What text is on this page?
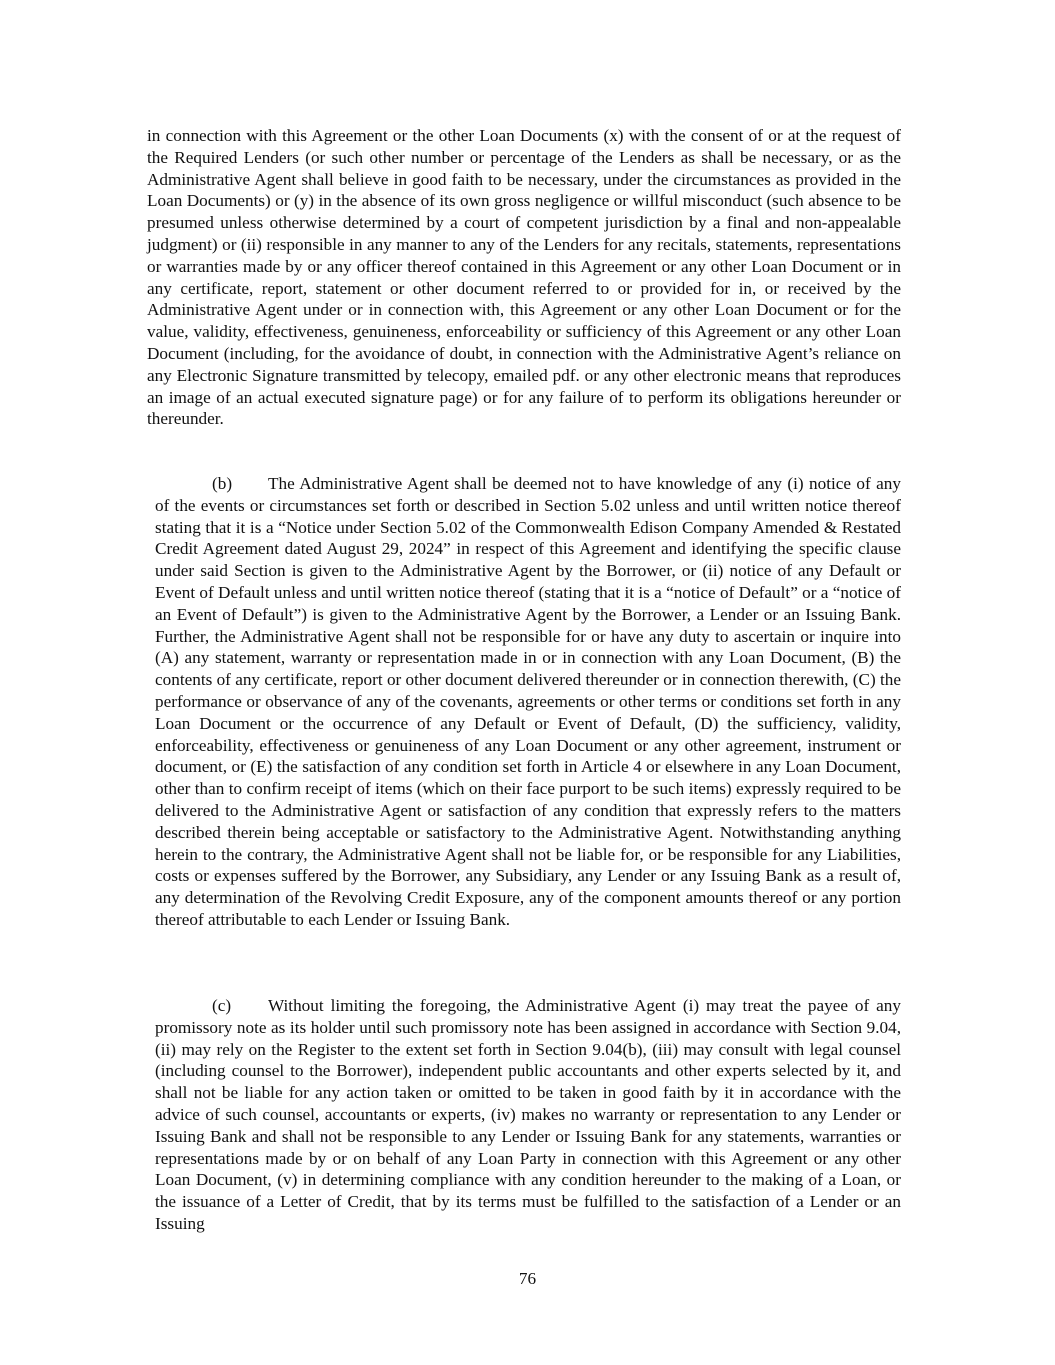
in connection with this Agreement or the other Loan Documents (x) with the consent of or at the request of the Required Lenders (or such other number or percentage of the Lenders as shall be necessary, or as the Administrative Agent shall believe in good faith to be necessary, under the circumstances as provided in the Loan Documents) or (y) in the absence of its own gross negligence or willful misconduct (such absence to be presumed unless otherwise determined by a court of competent jurisdiction by a final and non-appealable judgment) or (ii) responsible in any manner to any of the Lenders for any recitals, statements, representations or warranties made by or any officer thereof contained in this Agreement or any other Loan Document or in any certificate, report, statement or other document referred to or provided for in, or received by the Administrative Agent under or in connection with, this Agreement or any other Loan Document or for the value, validity, effectiveness, genuineness, enforceability or sufficiency of this Agreement or any other Loan Document (including, for the avoidance of doubt, in connection with the Administrative Agent’s reliance on any Electronic Signature transmitted by telecopy, emailed pdf. or any other electronic means that reproduces an image of an actual executed signature page) or for any failure of to perform its obligations hereunder or thereunder.

(b) The Administrative Agent shall be deemed not to have knowledge of any (i) notice of any of the events or circumstances set forth or described in Section 5.02 unless and until written notice thereof stating that it is a “Notice under Section 5.02 of the Commonwealth Edison Company Amended & Restated Credit Agreement dated August 29, 2024” in respect of this Agreement and identifying the specific clause under said Section is given to the Administrative Agent by the Borrower, or (ii) notice of any Default or Event of Default unless and until written notice thereof (stating that it is a “notice of Default” or a “notice of an Event of Default”) is given to the Administrative Agent by the Borrower, a Lender or an Issuing Bank. Further, the Administrative Agent shall not be responsible for or have any duty to ascertain or inquire into (A) any statement, warranty or representation made in or in connection with any Loan Document, (B) the contents of any certificate, report or other document delivered thereunder or in connection therewith, (C) the performance or observance of any of the covenants, agreements or other terms or conditions set forth in any Loan Document or the occurrence of any Default or Event of Default, (D) the sufficiency, validity, enforceability, effectiveness or genuineness of any Loan Document or any other agreement, instrument or document, or (E) the satisfaction of any condition set forth in Article 4 or elsewhere in any Loan Document, other than to confirm receipt of items (which on their face purport to be such items) expressly required to be delivered to the Administrative Agent or satisfaction of any condition that expressly refers to the matters described therein being acceptable or satisfactory to the Administrative Agent. Notwithstanding anything herein to the contrary, the Administrative Agent shall not be liable for, or be responsible for any Liabilities, costs or expenses suffered by the Borrower, any Subsidiary, any Lender or any Issuing Bank as a result of, any determination of the Revolving Credit Exposure, any of the component amounts thereof or any portion thereof attributable to each Lender or Issuing Bank.

(c) Without limiting the foregoing, the Administrative Agent (i) may treat the payee of any promissory note as its holder until such promissory note has been assigned in accordance with Section 9.04, (ii) may rely on the Register to the extent set forth in Section 9.04(b), (iii) may consult with legal counsel (including counsel to the Borrower), independent public accountants and other experts selected by it, and shall not be liable for any action taken or omitted to be taken in good faith by it in accordance with the advice of such counsel, accountants or experts, (iv) makes no warranty or representation to any Lender or Issuing Bank and shall not be responsible to any Lender or Issuing Bank for any statements, warranties or representations made by or on behalf of any Loan Party in connection with this Agreement or any other Loan Document, (v) in determining compliance with any condition hereunder to the making of a Loan, or the issuance of a Letter of Credit, that by its terms must be fulfilled to the satisfaction of a Lender or an Issuing

76
